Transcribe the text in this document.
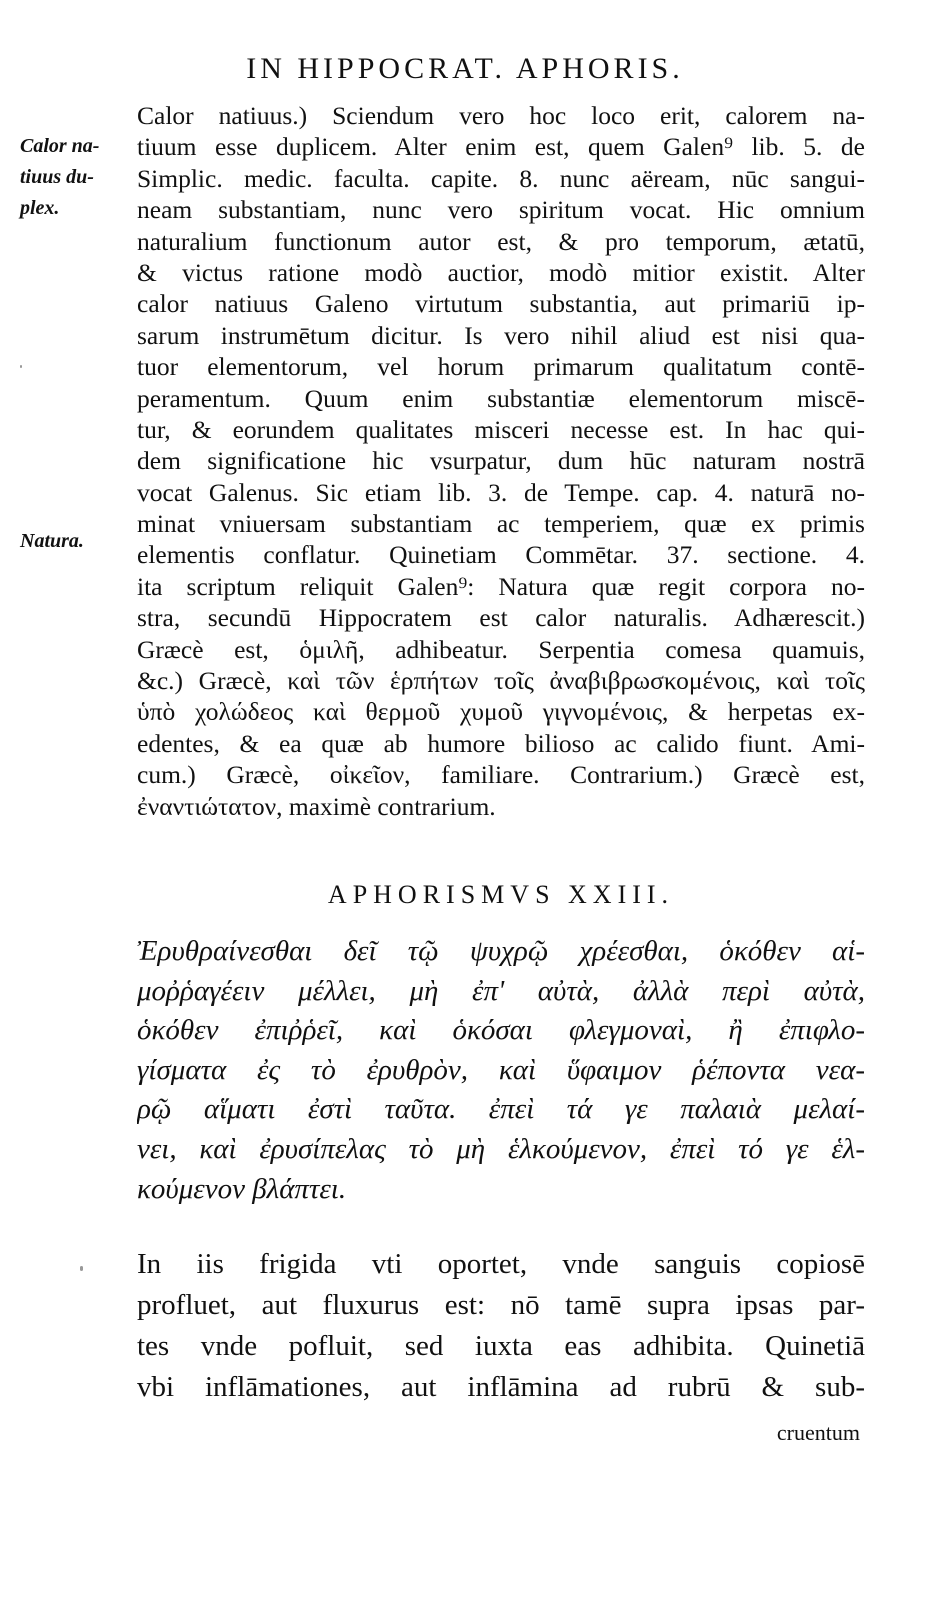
IN HIPPOCRAT. APHORIS.
Calor na-
tiuus du-
plex.
Natura.
Calor natiuus.) Sciendum vero hoc loco erit, calorem na-
tiuum esse duplicem. Alter enim est, quem Galen⁹ lib. 5. de
Simplic. medic. faculta. capite. 8. nunc aëream, nūc sangui-
neam substantiam, nunc vero spiritum vocat. Hic omnium
naturalium functionum autor est, & pro temporum, ætatū,
& victus ratione modò auctior, modò mitior existit. Alter
calor natiuus Galeno virtutum substantia, aut primariū ip-
sarum instrumētum dicitur. Is vero nihil aliud est nisi qua-
tuor elementorum, vel horum primarum qualitatum contē-
peramentum. Quum enim substantiæ elementorum miscē-
tur, & eorundem qualitates misceri necesse est. In hac qui-
dem significatione hic vsurpatur, dum hūc naturam nostrā
vocat Galenus. Sic etiam lib. 3. de Tempe. cap. 4. naturā no-
minat vniuersam substantiam ac temperiem, quæ ex primis
elementis conflatur. Quinetiam Commētar. 37. sectione. 4.
ita scriptum reliquit Galen⁹: Natura quæ regit corpora no-
stra, secundū Hippocratem est calor naturalis. Adhærescit.)
Græcè est, ὁμιλῆ, adhibeatur. Serpentia comesa quamuis,
&c.) Græcè, καὶ τῶν ἑρπήτων τοῖς ἀναβιβρωσκομένοις, καὶ τοῖς
ὑπὸ χολώδεος καὶ θερμοῦ χυμοῦ γιγνομένοις, & herpetas ex-
edentes, & ea quæ ab humore bilioso ac calido fiunt. Ami-
cum.) Græcè, οἰκεῖον, familiare. Contrarium.) Græcè est,
ἐναντιώτατον, maximè contrarium.
APHORISMVS XXIII.
Ἐρυθραίνεσθαι δεῖ τῷ ψυχρῷ χρέεσθαι, ὁκόθεν αἱ-
μοῤῥαγέειν μέλλει, μὴ ἐπ' αὐτὰ, ἀλλὰ περὶ αὐτὰ,
ὁκόθεν ἐπιῤῥεῖ, καὶ ὁκόσαι φλεγμοναὶ, ἢ ἐπιφλο-
γίσματα ἐς τὸ ἐρυθρὸν, καὶ ὕφαιμον ῥέποντα νεα-
ρῷ αἵματι ἐστὶ ταῦτα. ἐπεὶ τά γε παλαιὰ μελαί-
νει, καὶ ἐρυσίπελας τὸ μὴ ἑλκούμενον, ἐπεὶ τό γε ἑλ-
κούμενον βλάπτει.
In iis frigida vti oportet, vnde sanguis copiosē
profluet, aut fluxurus est: nō tamē supra ipsas par-
tes vnde pofluit, sed iuxta eas adhibita. Quinetiā
vbi inflāmationes, aut inflāmina ad rubrū & sub-
cruentum
